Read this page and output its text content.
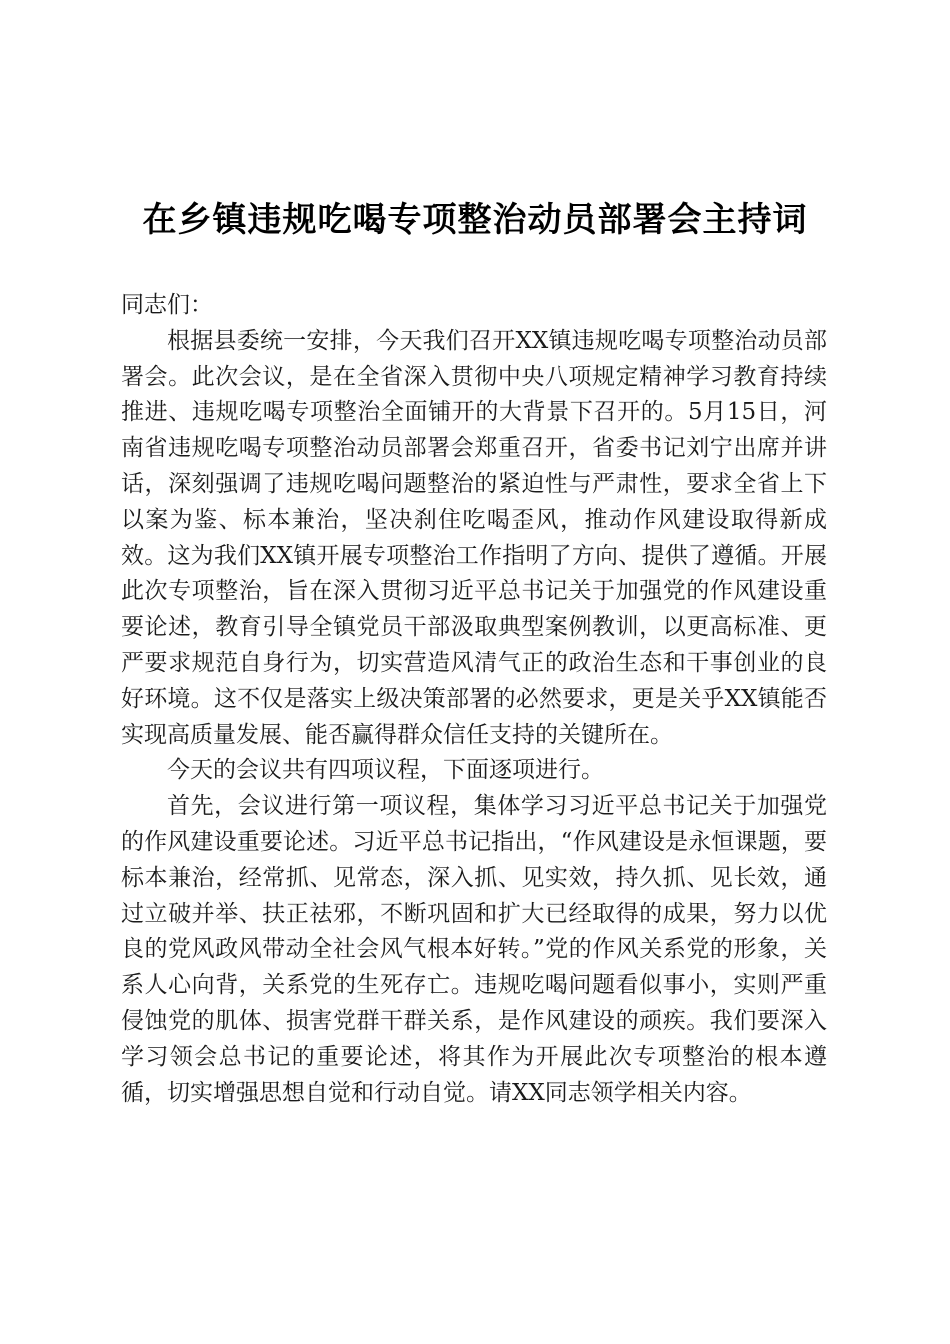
在乡镇违规吃喝专项整治动员部署会主持词

同志们：

根据县委统一安排，今天我们召开XX镇违规吃喝专项整治动员部署会。此次会议，是在全省深入贯彻中央八项规定精神学习教育持续推进、违规吃喝专项整治全面铺开的大背景下召开的。5月15日，河南省违规吃喝专项整治动员部署会郑重召开，省委书记刘宁出席并讲话，深刻强调了违规吃喝问题整治的紧迫性与严肃性，要求全省上下以案为鉴、标本兼治，坚决刹住吃喝歪风，推动作风建设取得新成效。这为我们XX镇开展专项整治工作指明了方向、提供了遵循。开展此次专项整治，旨在深入贯彻习近平总书记关于加强党的作风建设重要论述，教育引导全镇党员干部汲取典型案例教训，以更高标准、更严要求规范自身行为，切实营造风清气正的政治生态和干事创业的良好环境。这不仅是落实上级决策部署的必然要求，更是关乎XX镇能否实现高质量发展、能否赢得群众信任支持的关键所在。

今天的会议共有四项议程，下面逐项进行。

首先，会议进行第一项议程，集体学习习近平总书记关于加强党的作风建设重要论述。习近平总书记指出，“作风建设是永恒课题，要标本兼治，经常抓、见常态，深入抓、见实效，持久抓、见长效，通过立破并举、扶正祛邪，不断巩固和扩大已经取得的成果，努力以优良的党风政风带动全社会风气根本好转。”党的作风关系党的形象，关系人心向背，关系党的生死存亡。违规吃喝问题看似事小，实则严重侵蚀党的肌体、损害党群干群关系，是作风建设的顽疾。我们要深入学习领会总书记的重要论述，将其作为开展此次专项整治的根本遵循，切实增强思想自觉和行动自觉。请XX同志领学相关内容。
